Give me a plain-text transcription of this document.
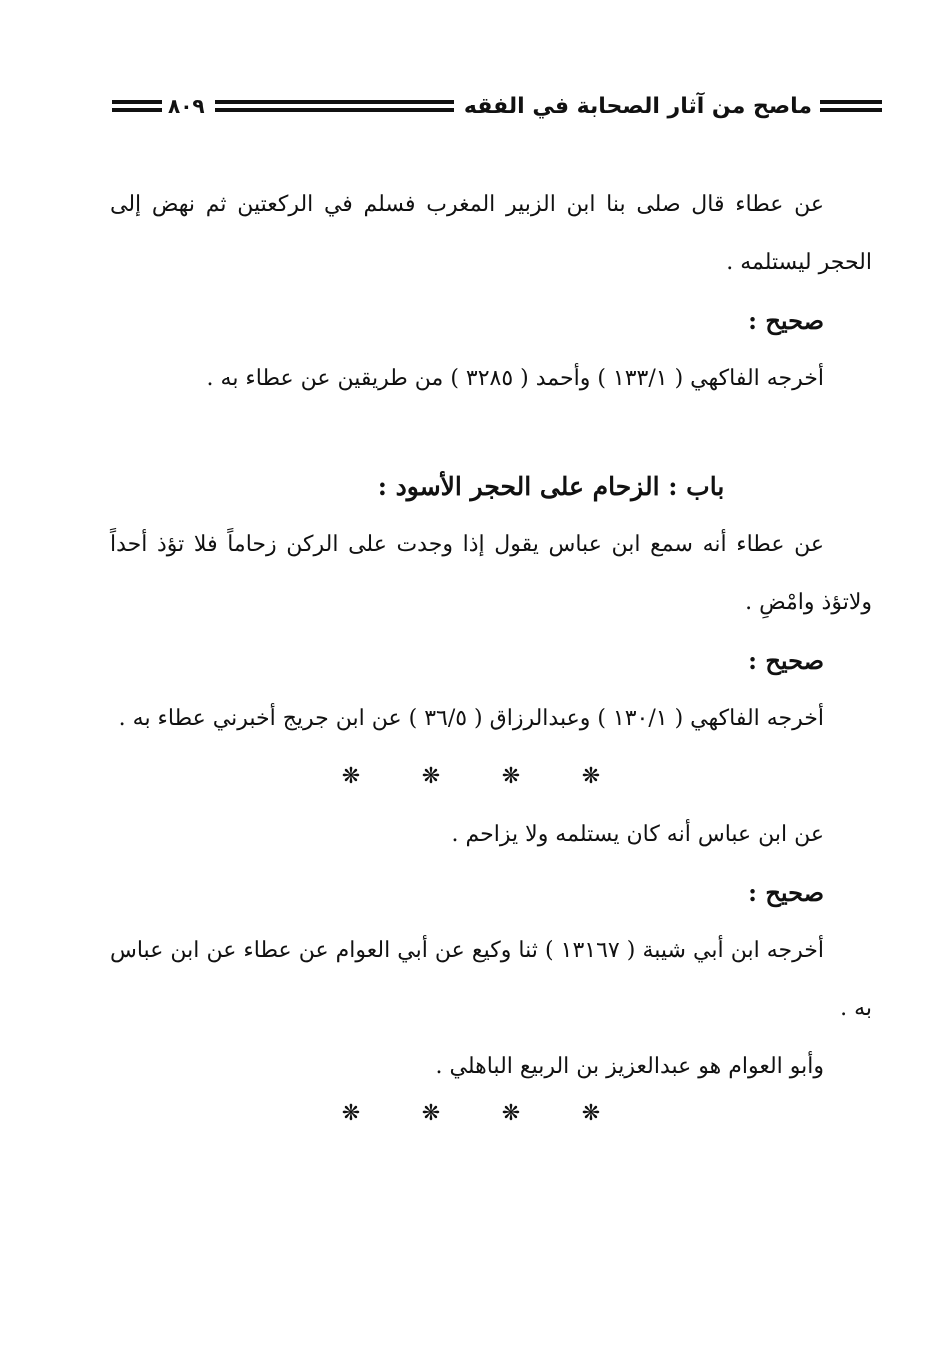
ماصح من آثار الصحابة في الفقه
٨٠٩

عن عطاء قال صلى بنا ابن الزبير المغرب فسلم في الركعتين ثم نهض إلى الحجر ليستلمه .

صحيح :

أخرجه الفاكهي ( ١٣٣/١ ) وأحمد ( ٣٢٨٥ ) من طريقين عن عطاء به .

باب : الزحام على الحجر الأسود :

عن عطاء أنه سمع ابن عباس يقول إذا وجدت على الركن زحاماً فلا تؤذ أحداً ولاتؤذ وامْضِ .

صحيح :

أخرجه الفاكهي ( ١٣٠/١ ) وعبدالرزاق ( ٣٦/٥ ) عن ابن جريج أخبرني عطاء به .

❋	❋	❋	❋

عن ابن عباس أنه كان يستلمه ولا يزاحم .

صحيح :

أخرجه ابن أبي شيبة ( ١٣١٦٧ ) ثنا وكيع عن أبي العوام عن عطاء عن ابن عباس به .

وأبو العوام هو عبدالعزيز بن الربيع الباهلي .

❋	❋	❋	❋
